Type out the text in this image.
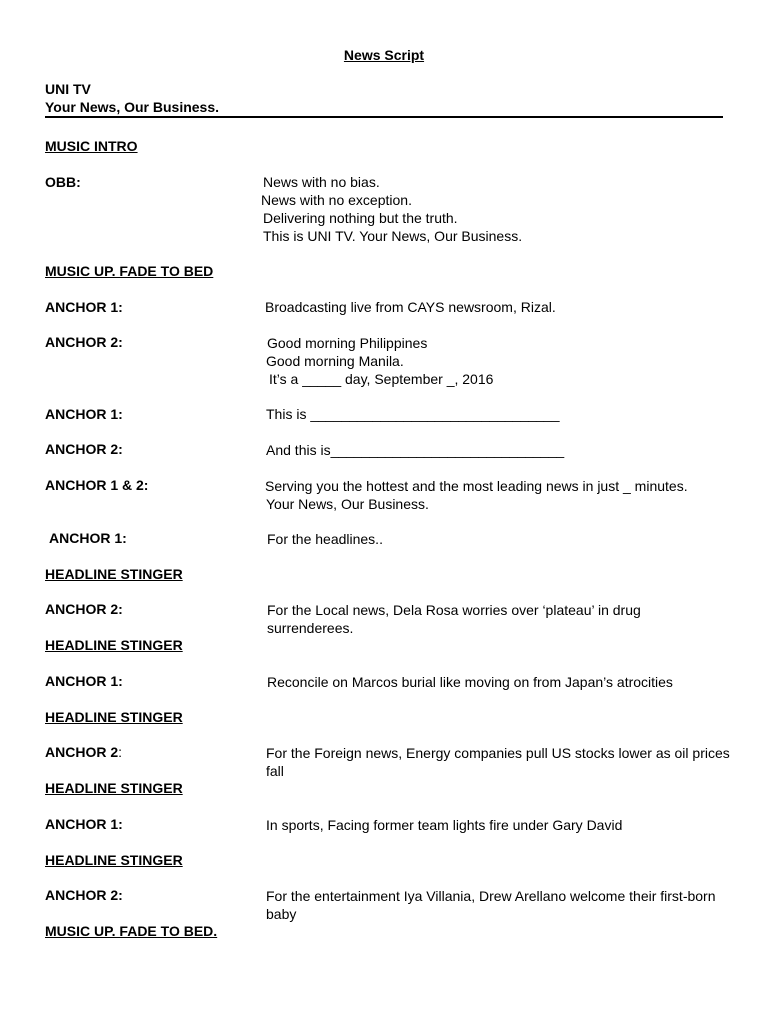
News Script
UNI TV
Your News, Our Business.
MUSIC INTRO
OBB:	News with no bias.
News with no exception.
Delivering nothing but the truth.
This is UNI TV. Your News, Our Business.
MUSIC UP. FADE TO BED
ANCHOR 1:	Broadcasting live from CAYS newsroom, Rizal.
ANCHOR 2:	Good morning Philippines
Good morning Manila.
It’s a _____ day, September _, 2016
ANCHOR 1:	This is ________________________________
ANCHOR 2:	And this is______________________________
ANCHOR 1 & 2:	Serving you the hottest and the most leading news in just _ minutes.
Your News, Our Business.
ANCHOR 1:	For the headlines..
HEADLINE STINGER
ANCHOR 2:	For the Local news, Dela Rosa worries over ‘plateau’ in drug surrenderees.
HEADLINE STINGER
ANCHOR 1:	Reconcile on Marcos burial like moving on from Japan’s atrocities
HEADLINE STINGER
ANCHOR 2:	For the Foreign news, Energy companies pull US stocks lower as oil prices fall
HEADLINE STINGER
ANCHOR 1:	In sports, Facing former team lights fire under Gary David
HEADLINE STINGER
ANCHOR 2:	For the entertainment Iya Villania, Drew Arellano welcome their first-born baby
MUSIC UP. FADE TO BED.
